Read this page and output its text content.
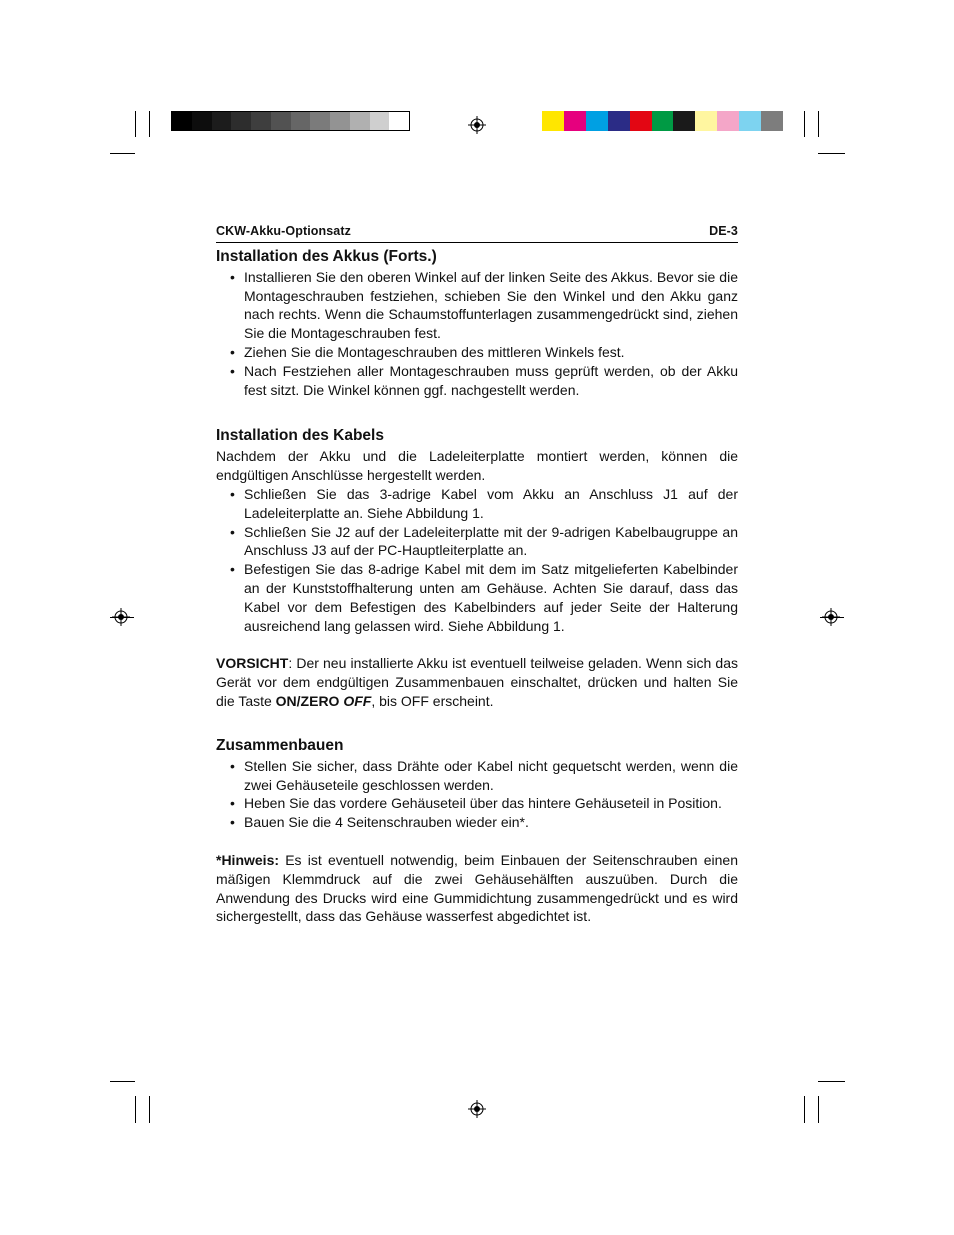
CKW-Akku-Optionsatz	DE-3
Installation des Akkus (Forts.)
• Installieren Sie den oberen Winkel auf der linken Seite des Akkus. Bevor sie die Montageschrauben festziehen, schieben Sie den Winkel und den Akku ganz nach rechts. Wenn die Schaumstoffunterlagen zusammengedrückt sind, ziehen Sie die Montageschrauben fest.
• Ziehen Sie die Montageschrauben des mittleren Winkels fest.
• Nach Festziehen aller Montageschrauben muss geprüft werden, ob der Akku fest sitzt. Die Winkel können ggf. nachgestellt werden.
Installation des Kabels

Nachdem der Akku und die Ladeleiterplatte montiert werden, können die endgültigen Anschlüsse hergestellt werden.

• Schließen Sie das 3-adrige Kabel vom Akku an Anschluss J1 auf der Ladeleiterplatte an. Siehe Abbildung 1.
• Schließen Sie J2 auf der Ladeleiterplatte mit der 9-adrigen Kabelbaugruppe an Anschluss J3 auf der PC-Hauptleiterplatte an.
• Befestigen Sie das 8-adrige Kabel mit dem im Satz mitgelieferten Kabelbinder an der Kunststoffhalterung unten am Gehäuse. Achten Sie darauf, dass das Kabel vor dem Befestigen des Kabelbinders auf jeder Seite der Halterung ausreichend lang gelassen wird. Siehe Abbildung 1.

VORSICHT: Der neu installierte Akku ist eventuell teilweise geladen. Wenn sich das Gerät vor dem endgültigen Zusammenbauen einschaltet, drücken und halten Sie die Taste ON/ZERO OFF, bis OFF erscheint.

Zusammenbauen
• Stellen Sie sicher, dass Drähte oder Kabel nicht gequetscht werden, wenn die zwei Gehäuseteile geschlossen werden.
• Heben Sie das vordere Gehäuseteil über das hintere Gehäuseteil in Position.
• Bauen Sie die 4 Seitenschrauben wieder ein*.

*Hinweis: Es ist eventuell notwendig, beim Einbauen der Seitenschrauben einen mäßigen Klemmdruck auf die zwei Gehäusehälften auszuüben. Durch die Anwendung des Drucks wird eine Gummidichtung zusammengedrückt und es wird sichergestellt, dass das Gehäuse wasserfest abgedichtet ist.
